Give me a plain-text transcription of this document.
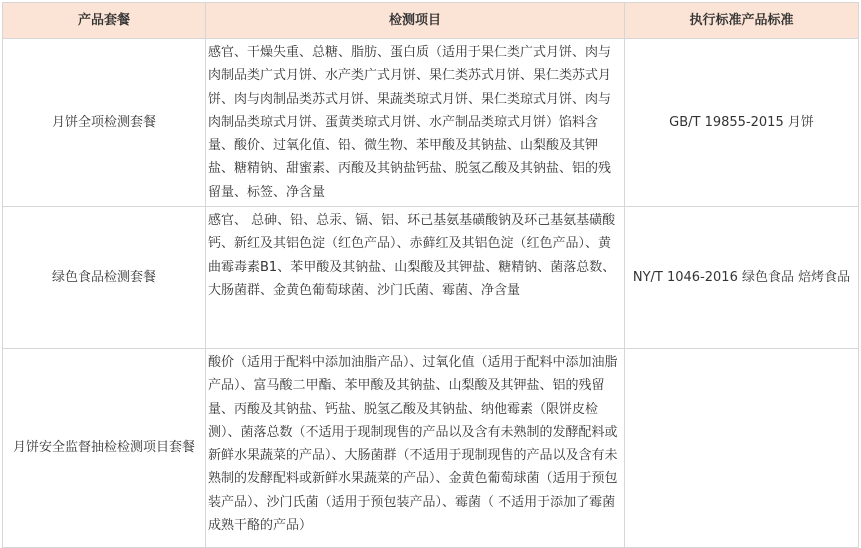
产品套餐	检测项目	执行标准产品标准
月饼全项检测套餐	感官、干燥失重、总糖、脂肪、蛋白质（适用于果仁类广式月饼、肉与肉制品类广式月饼、水产类广式月饼、果仁类苏式月饼、果仁类苏式月饼、肉与肉制品类苏式月饼、果蔬类琼式月饼、果仁类琼式月饼、肉与肉制品类琼式月饼、蛋黄类琼式月饼、水产制品类琼式月饼）馅料含量、酸价、过氧化值、铅、微生物、苯甲酸及其钠盐、山梨酸及其钾盐、糖精钠、甜蜜素、丙酸及其钠盐钙盐、脱氢乙酸及其钠盐、铝的残留量、标签、净含量	GB/T 19855-2015 月饼
绿色食品检测套餐	感官、 总砷、铅、总汞、镉、铝、环己基氨基磺酸钠及环己基氨基磺酸钙、新红及其铝色淀（红色产品）、赤藓红及其铝色淀（红色产品）、黄曲霉毒素B1、苯甲酸及其钠盐、山梨酸及其钾盐、糖精钠、菌落总数、大肠菌群、金黄色葡萄球菌、沙门氏菌、霉菌、净含量	NY/T 1046-2016 绿色食品 焙烤食品
月饼安全监督抽检检测项目套餐	酸价（适用于配料中添加油脂产品）、过氧化值（适用于配料中添加油脂产品）、富马酸二甲酯、苯甲酸及其钠盐、山梨酸及其钾盐、铝的残留量、丙酸及其钠盐、钙盐、脱氢乙酸及其钠盐、纳他霉素（限饼皮检测）、菌落总数（不适用于现制现售的产品以及含有未熟制的发酵配料或新鲜水果蔬菜的产品）、大肠菌群（不适用于现制现售的产品以及含有未熟制的发酵配料或新鲜水果蔬菜的产品）、金黄色葡萄球菌（适用于预包装产品）、沙门氏菌（适用于预包装产品）、霉菌（ 不适用于添加了霉菌成熟干酪的产品）	
